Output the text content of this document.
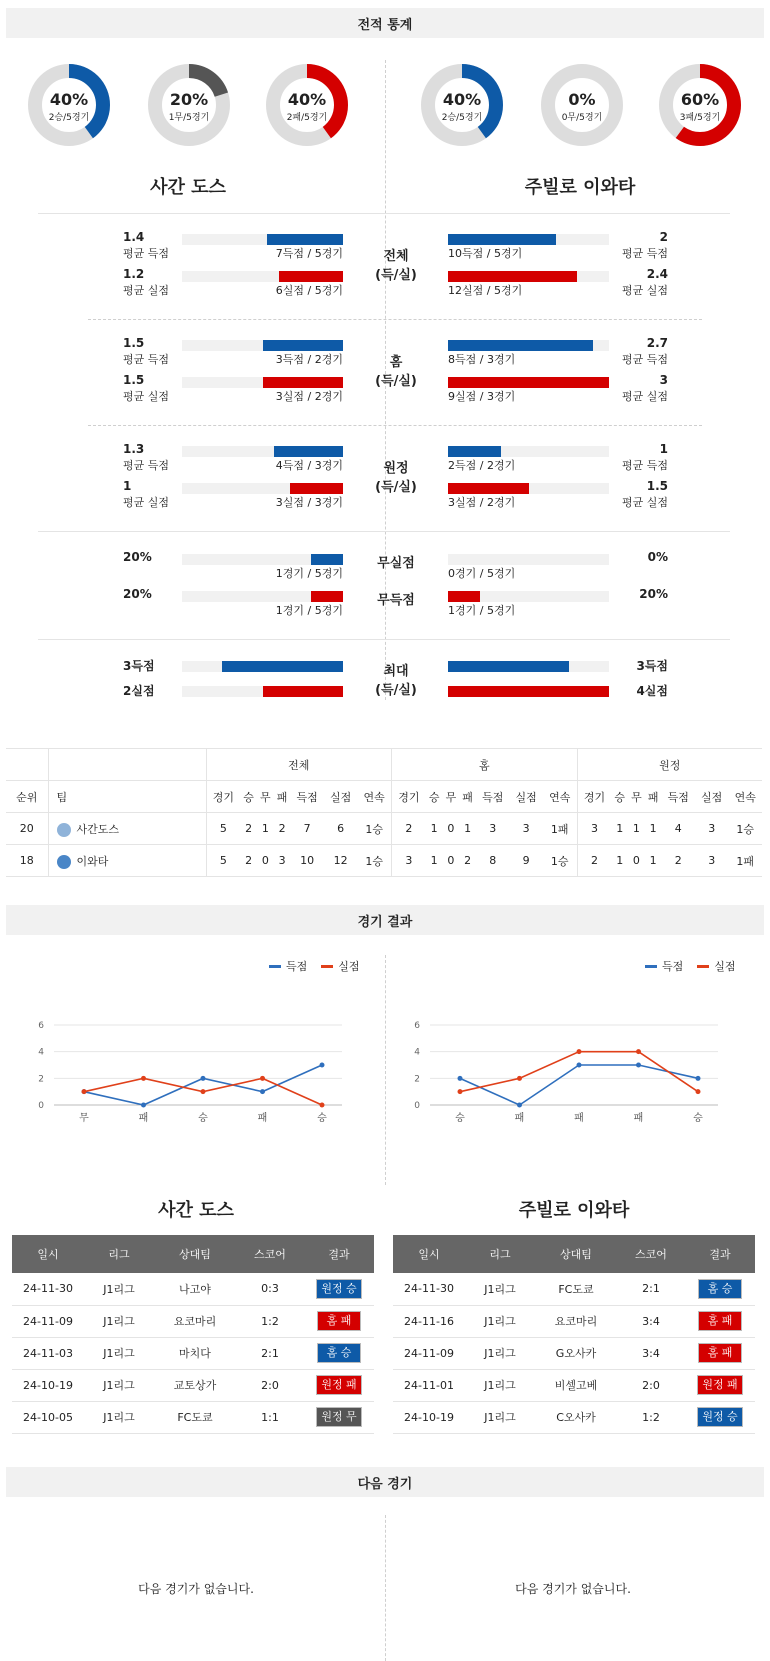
전적 통계
40%
2승/5경기
20%
1무/5경기
40%
2패/5경기
40%
2승/5경기
0%
0무/5경기
60%
3패/5경기
사간 도스	주빌로 이와타
1.4	2
평균 득점	평균 득점
7득점 / 5경기	10득점 / 5경기
1.2	2.4
평균 실점	평균 실점
6실점 / 5경기	12실점 / 5경기
전체
(득/실)
1.5	2.7
평균 득점	평균 득점
3득점 / 2경기	8득점 / 3경기
1.5	3
평균 실점	평균 실점
3실점 / 2경기	9실점 / 3경기
홈
(득/실)
1.3	1
평균 득점	평균 득점
4득점 / 3경기	2득점 / 2경기
1	1.5
평균 실점	평균 실점
3실점 / 3경기	3실점 / 2경기
원정
(득/실)
20%	0%
1경기 / 5경기	0경기 / 5경기
무실점
20%	20%
1경기 / 5경기	1경기 / 5경기
무득점
3득점	3득점
2실점	4실점
최대
(득/실)
		전체							홈							원정						
순위	팀	경기	승	무	패	득점	실점	연속	경기	승	무	패	득점	실점	연속	경기	승	무	패	득점	실점	연속
20	사간도스	5	2	1	2	7	6	1승	2	1	0	1	3	3	1패	3	1	1	1	4	3	1승
18	이와타	5	2	0	3	10	12	1승	3	1	0	2	8	9	1승	2	1	0	1	2	3	1패
경기 결과
득점	실점	득점	실점
0
2
4
6
무	패	승	패	승
0
2
4
6
승	패	패	패	승
사간 도스	주빌로 이와타
일시	리그	상대팀	스코어	결과
24-11-30	J1리그	나고야	0:3	원정 승
24-11-09	J1리그	요코마리	1:2	홈 패
24-11-03	J1리그	마치다	2:1	홈 승
24-10-19	J1리그	교토상가	2:0	원정 패
24-10-05	J1리그	FC도쿄	1:1	원정 무
일시	리그	상대팀	스코어	결과
24-11-30	J1리그	FC도쿄	2:1	홈 승
24-11-16	J1리그	요코마리	3:4	홈 패
24-11-09	J1리그	G오사카	3:4	홈 패
24-11-01	J1리그	비셀고베	2:0	원정 패
24-10-19	J1리그	C오사카	1:2	원정 승
다음 경기
다음 경기가 없습니다.	다음 경기가 없습니다.
